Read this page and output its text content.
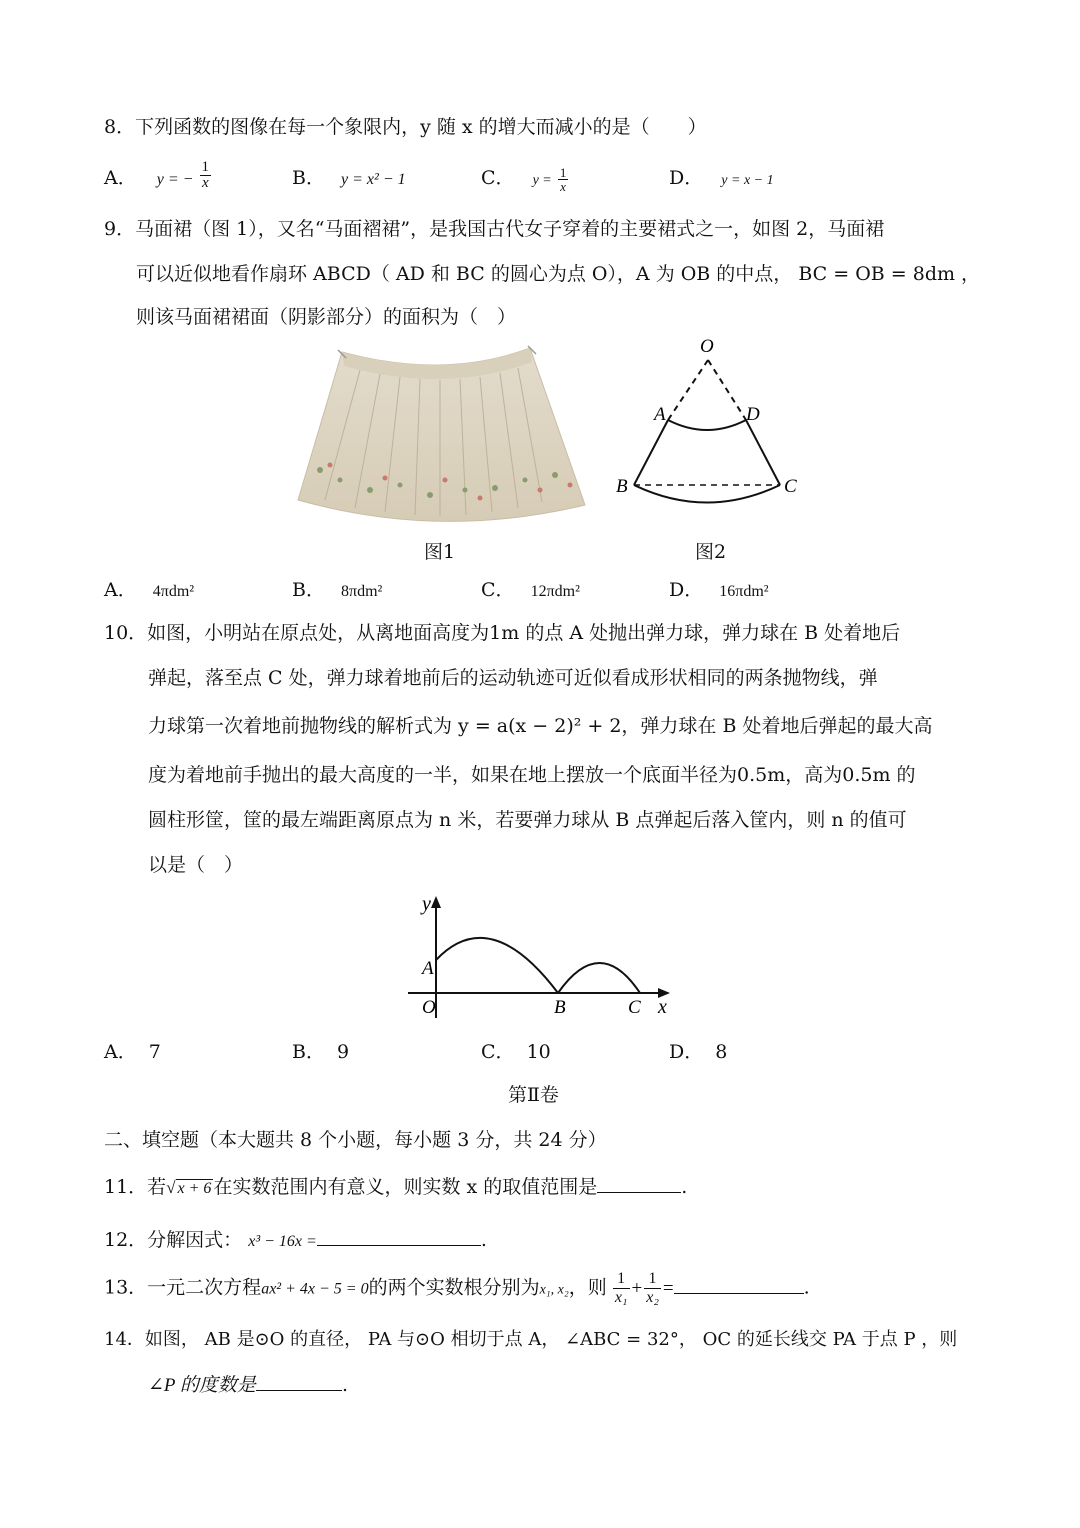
8．下列函数的图像在每一个象限内，y 随 x 的增大而减小的是（　　）
A． y = − $\frac{1}{x}$	B． y = x² − 1	C． $y = \frac{1}{x}$	D． y = x − 1
9．马面裙（图 1），又名“马面褶裙”，是我国古代女子穿着的主要裙式之一，如图 2，马面裙
可以近似地看作扇环 ABCD（ AD 和 BC 的圆心为点 O），A 为 OB 的中点， BC = OB = 8dm ，
则该马面裙裙面（阴影部分）的面积为（　）
O
A	D
B	C
图1	图2
A． 4πdm²	B． 8πdm²	C． 12πdm²	D． 16πdm²
10．如图，小明站在原点处，从离地面高度为1m 的点 A 处抛出弹力球，弹力球在 B 处着地后
弹起，落至点 C 处，弹力球着地前后的运动轨迹可近似看成形状相同的两条抛物线，弹
力球第一次着地前抛物线的解析式为 y = a(x − 2)² + 2，弹力球在 B 处着地后弹起的最大高
度为着地前手抛出的最大高度的一半，如果在地上摆放一个底面半径为0.5m，高为0.5m 的
圆柱形筐，筐的最左端距离原点为 n 米，若要弹力球从 B 点弹起后落入筐内，则 n 的值可
以是（　）
y
x
O
A
B	C
A． 7	B． 9	C． 10	D． 8
第Ⅱ卷
二、填空题（本大题共 8 个小题，每小题 3 分，共 24 分）
11．若√ x + 6 在实数范围内有意义，则实数 x 的取值范围是	.
12．分解因式： x³ − 16x =	.
13．一元二次方程ax² + 4x − 5 = 0的两个实数根分别为x₁, x₂，则 $\frac{1}{\text{x₁}} + \frac{1}{\text{x₂}}$ =	.
14．如图， AB 是⊙O 的直径， PA 与⊙O 相切于点 A， ∠ABC = 32°， OC 的延长线交 PA 于点 P ，则
∠P 的度数是	.
